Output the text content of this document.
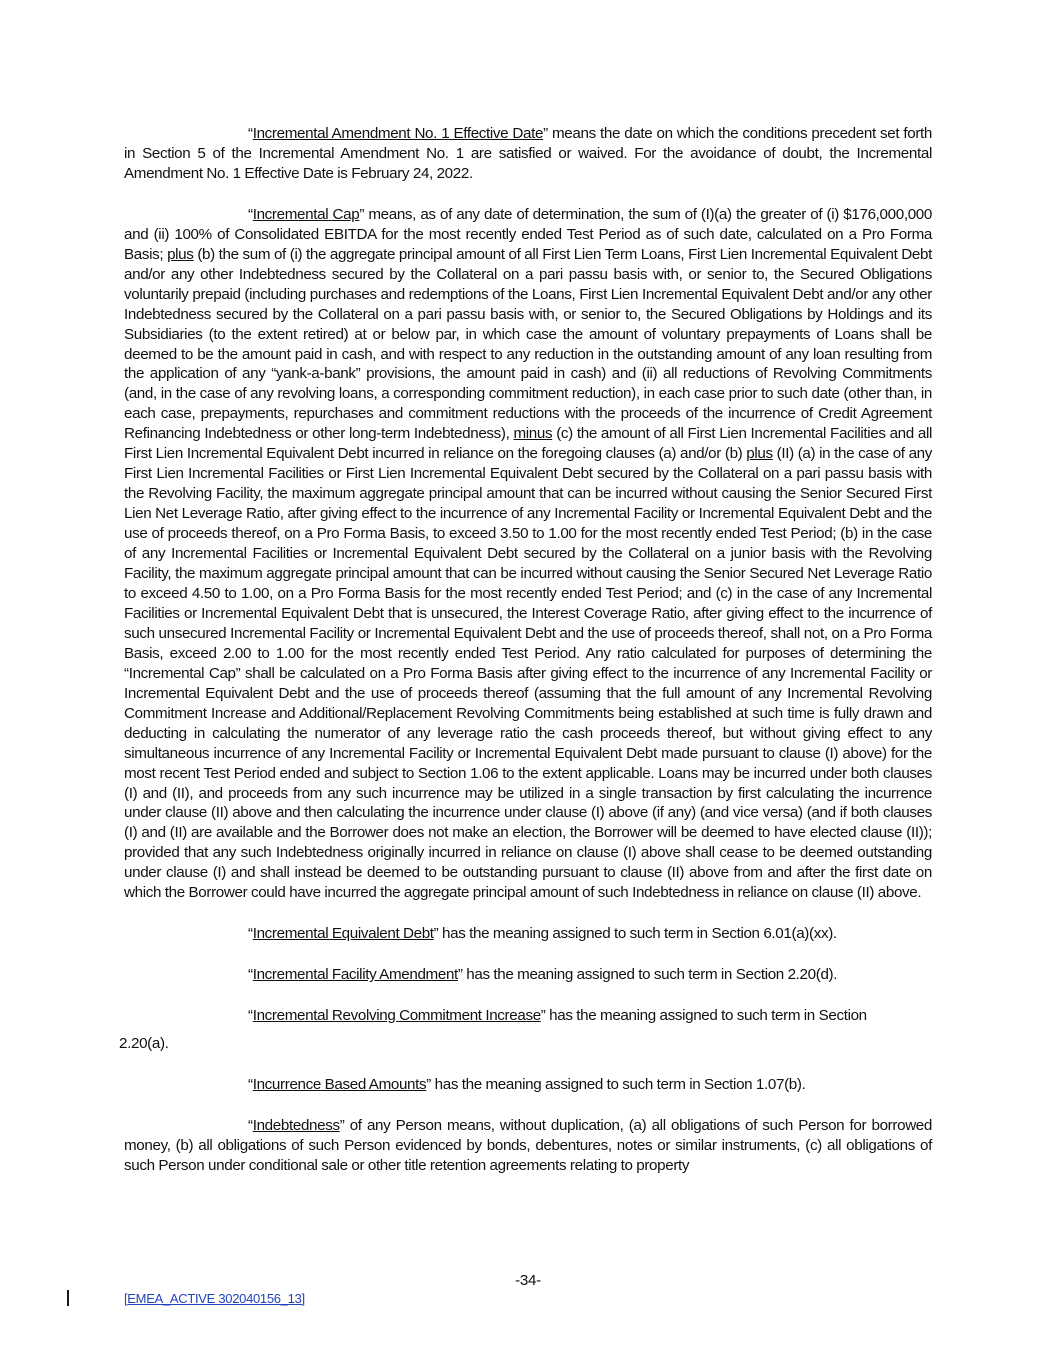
“Incremental Amendment No. 1 Effective Date” means the date on which the conditions precedent set forth in Section 5 of the Incremental Amendment No. 1 are satisfied or waived. For the avoidance of doubt, the Incremental Amendment No. 1 Effective Date is February 24, 2022.

“Incremental Cap” means, as of any date of determination, the sum of (I)(a) the greater of (i) $176,000,000 and (ii) 100% of Consolidated EBITDA for the most recently ended Test Period as of such date, calculated on a Pro Forma Basis; plus (b) the sum of (i) the aggregate principal amount of all First Lien Term Loans, First Lien Incremental Equivalent Debt and/or any other Indebtedness secured by the Collateral on a pari passu basis with, or senior to, the Secured Obligations voluntarily prepaid (including purchases and redemptions of the Loans, First Lien Incremental Equivalent Debt and/or any other Indebtedness secured by the Collateral on a pari passu basis with, or senior to, the Secured Obligations by Holdings and its Subsidiaries (to the extent retired) at or below par, in which case the amount of voluntary prepayments of Loans shall be deemed to be the amount paid in cash, and with respect to any reduction in the outstanding amount of any loan resulting from the application of any “yank-a-bank” provisions, the amount paid in cash) and (ii) all reductions of Revolving Commitments (and, in the case of any revolving loans, a corresponding commitment reduction), in each case prior to such date (other than, in each case, prepayments, repurchases and commitment reductions with the proceeds of the incurrence of Credit Agreement Refinancing Indebtedness or other long-term Indebtedness), minus (c) the amount of all First Lien Incremental Facilities and all First Lien Incremental Equivalent Debt incurred in reliance on the foregoing clauses (a) and/or (b) plus (II) (a) in the case of any First Lien Incremental Facilities or First Lien Incremental Equivalent Debt secured by the Collateral on a pari passu basis with the Revolving Facility, the maximum aggregate principal amount that can be incurred without causing the Senior Secured First Lien Net Leverage Ratio, after giving effect to the incurrence of any Incremental Facility or Incremental Equivalent Debt and the use of proceeds thereof, on a Pro Forma Basis, to exceed 3.50 to 1.00 for the most recently ended Test Period; (b) in the case of any Incremental Facilities or Incremental Equivalent Debt secured by the Collateral on a junior basis with the Revolving Facility, the maximum aggregate principal amount that can be incurred without causing the Senior Secured Net Leverage Ratio to exceed 4.50 to 1.00, on a Pro Forma Basis for the most recently ended Test Period; and (c) in the case of any Incremental Facilities or Incremental Equivalent Debt that is unsecured, the Interest Coverage Ratio, after giving effect to the incurrence of such unsecured Incremental Facility or Incremental Equivalent Debt and the use of proceeds thereof, shall not, on a Pro Forma Basis, exceed 2.00 to 1.00 for the most recently ended Test Period. Any ratio calculated for purposes of determining the “Incremental Cap” shall be calculated on a Pro Forma Basis after giving effect to the incurrence of any Incremental Facility or Incremental Equivalent Debt and the use of proceeds thereof (assuming that the full amount of any Incremental Revolving Commitment Increase and Additional/Replacement Revolving Commitments being established at such time is fully drawn and deducting in calculating the numerator of any leverage ratio the cash proceeds thereof, but without giving effect to any simultaneous incurrence of any Incremental Facility or Incremental Equivalent Debt made pursuant to clause (I) above) for the most recent Test Period ended and subject to Section 1.06 to the extent applicable. Loans may be incurred under both clauses (I) and (II), and proceeds from any such incurrence may be utilized in a single transaction by first calculating the incurrence under clause (II) above and then calculating the incurrence under clause (I) above (if any) (and vice versa) (and if both clauses (I) and (II) are available and the Borrower does not make an election, the Borrower will be deemed to have elected clause (II)); provided that any such Indebtedness originally incurred in reliance on clause (I) above shall cease to be deemed outstanding under clause (I) and shall instead be deemed to be outstanding pursuant to clause (II) above from and after the first date on which the Borrower could have incurred the aggregate principal amount of such Indebtedness in reliance on clause (II) above.

“Incremental Equivalent Debt” has the meaning assigned to such term in Section 6.01(a)(xx).

“Incremental Facility Amendment” has the meaning assigned to such term in Section 2.20(d).

“Incremental Revolving Commitment Increase” has the meaning assigned to such term in Section

2.20(a).

“Incurrence Based Amounts” has the meaning assigned to such term in Section 1.07(b).

“Indebtedness” of any Person means, without duplication, (a) all obligations of such Person for borrowed money, (b) all obligations of such Person evidenced by bonds, debentures, notes or similar instruments, (c) all obligations of such Person under conditional sale or other title retention agreements relating to property

-34-
[EMEA_ACTIVE 302040156_13]
